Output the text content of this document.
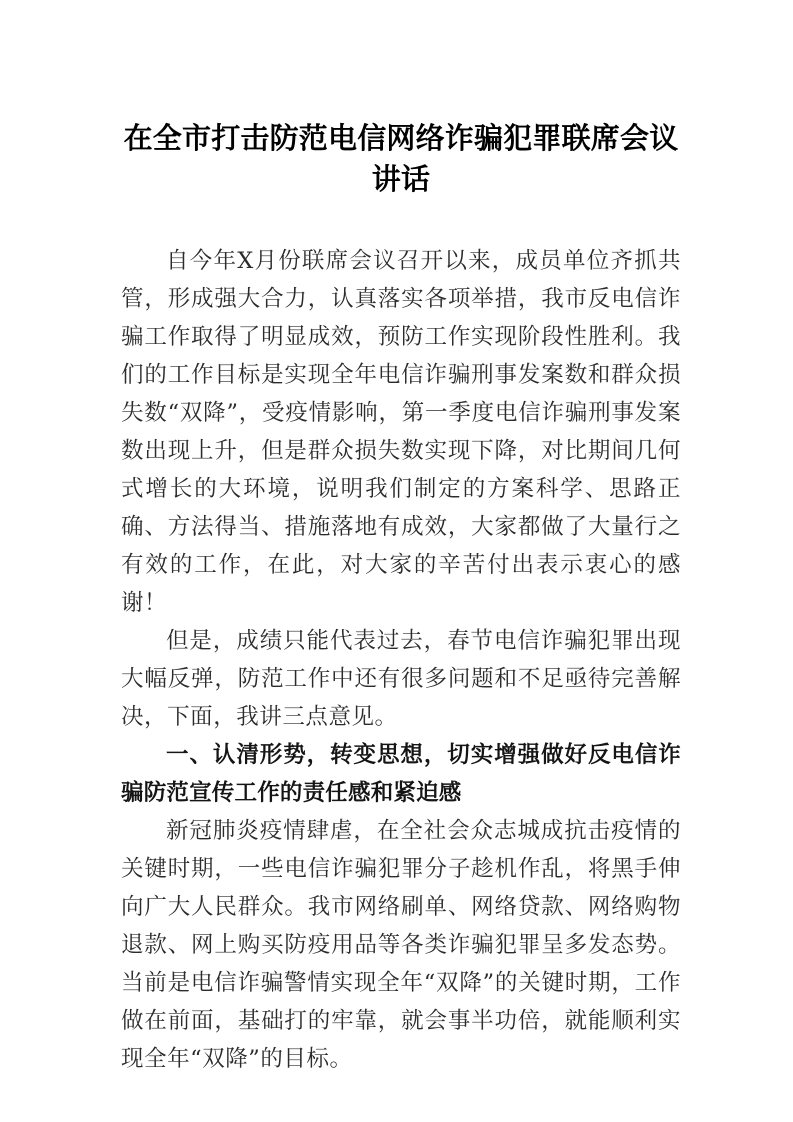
在全市打击防范电信网络诈骗犯罪联席会议讲话

自今年X月份联席会议召开以来，成员单位齐抓共管，形成强大合力，认真落实各项举措，我市反电信诈骗工作取得了明显成效，预防工作实现阶段性胜利。我们的工作目标是实现全年电信诈骗刑事发案数和群众损失数“双降”，受疫情影响，第一季度电信诈骗刑事发案数出现上升，但是群众损失数实现下降，对比期间几何式增长的大环境，说明我们制定的方案科学、思路正确、方法得当、措施落地有成效，大家都做了大量行之有效的工作，在此，对大家的辛苦付出表示衷心的感谢！

但是，成绩只能代表过去，春节电信诈骗犯罪出现大幅反弹，防范工作中还有很多问题和不足亟待完善解决，下面，我讲三点意见。

一、认清形势，转变思想，切实增强做好反电信诈骗防范宣传工作的责任感和紧迫感

新冠肺炎疫情肆虐，在全社会众志城成抗击疫情的关键时期，一些电信诈骗犯罪分子趁机作乱，将黑手伸向广大人民群众。我市网络刷单、网络贷款、网络购物退款、网上购买防疫用品等各类诈骗犯罪呈多发态势。当前是电信诈骗警情实现全年“双降”的关键时期，工作做在前面，基础打的牢靠，就会事半功倍，就能顺利实现全年“双降”的目标。
